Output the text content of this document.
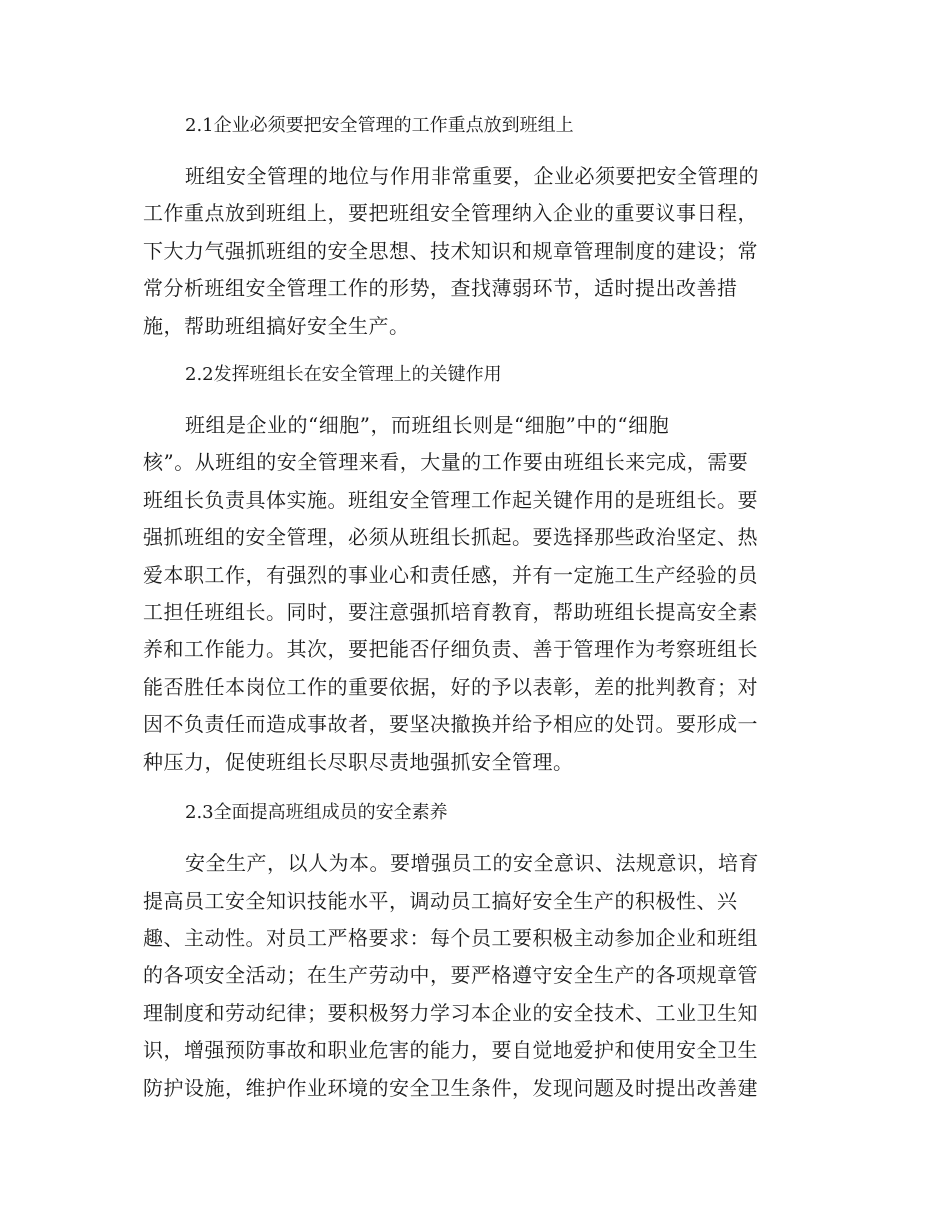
2.1企业必须要把安全管理的工作重点放到班组上

班组安全管理的地位与作用非常重要，企业必须要把安全管理的
工作重点放到班组上，要把班组安全管理纳入企业的重要议事日程，
下大力气强抓班组的安全思想、技术知识和规章管理制度的建设；常
常分析班组安全管理工作的形势，查找薄弱环节，适时提出改善措
施，帮助班组搞好安全生产。

2.2发挥班组长在安全管理上的关键作用

班组是企业的“细胞”，而班组长则是“细胞”中的“细胞
核”。从班组的安全管理来看，大量的工作要由班组长来完成，需要
班组长负责具体实施。班组安全管理工作起关键作用的是班组长。要
强抓班组的安全管理，必须从班组长抓起。要选择那些政治坚定、热
爱本职工作，有强烈的事业心和责任感，并有一定施工生产经验的员
工担任班组长。同时，要注意强抓培育教育，帮助班组长提高安全素
养和工作能力。其次，要把能否仔细负责、善于管理作为考察班组长
能否胜任本岗位工作的重要依据，好的予以表彰，差的批判教育；对
因不负责任而造成事故者，要坚决撤换并给予相应的处罚。要形成一
种压力，促使班组长尽职尽责地强抓安全管理。

2.3全面提高班组成员的安全素养

安全生产，以人为本。要增强员工的安全意识、法规意识，培育
提高员工安全知识技能水平，调动员工搞好安全生产的积极性、兴
趣、主动性。对员工严格要求：每个员工要积极主动参加企业和班组
的各项安全活动；在生产劳动中，要严格遵守安全生产的各项规章管
理制度和劳动纪律；要积极努力学习本企业的安全技术、工业卫生知
识，增强预防事故和职业危害的能力，要自觉地爱护和使用安全卫生
防护设施，维护作业环境的安全卫生条件，发现问题及时提出改善建
